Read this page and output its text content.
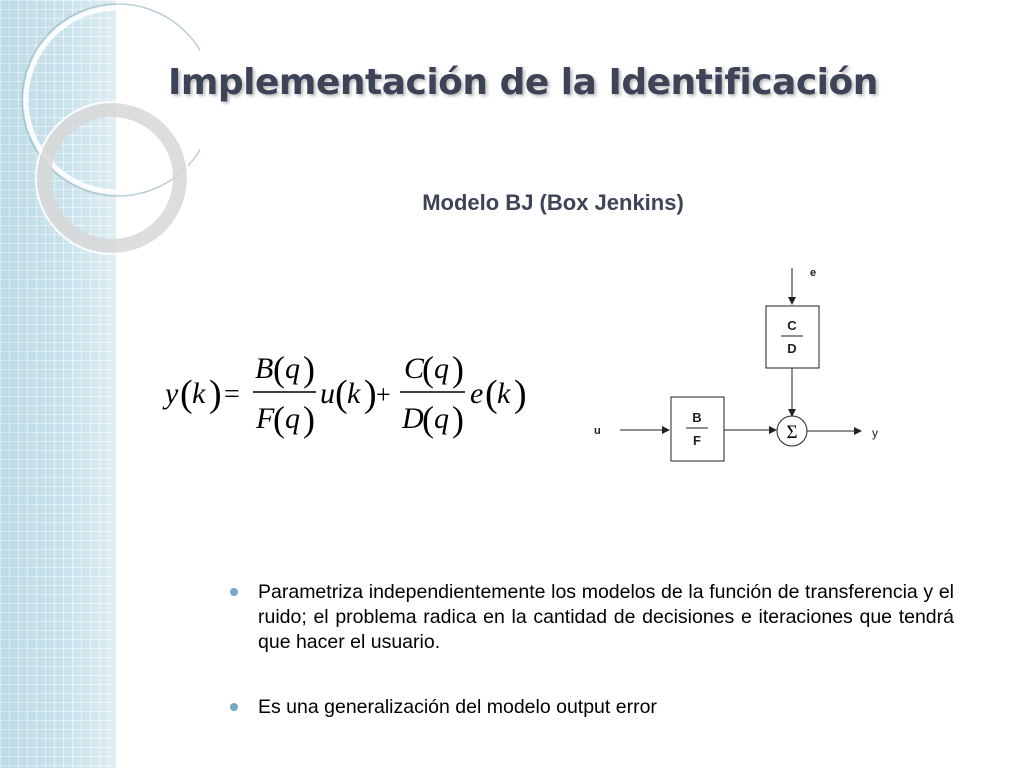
Implementación de la Identificación
Modelo BJ (Box Jenkins)
y ( k ) =
B ( q )
F
( q )
u ( k ) +
C
( q )
D
( q )
e ( k )
e
C
D
u
B
F	Σ	y
Parametriza independientemente los modelos de la función de transferencia y el ruido; el problema radica en la cantidad de decisiones e iteraciones que tendrá que hacer el usuario.
Es una generalización del modelo output error
